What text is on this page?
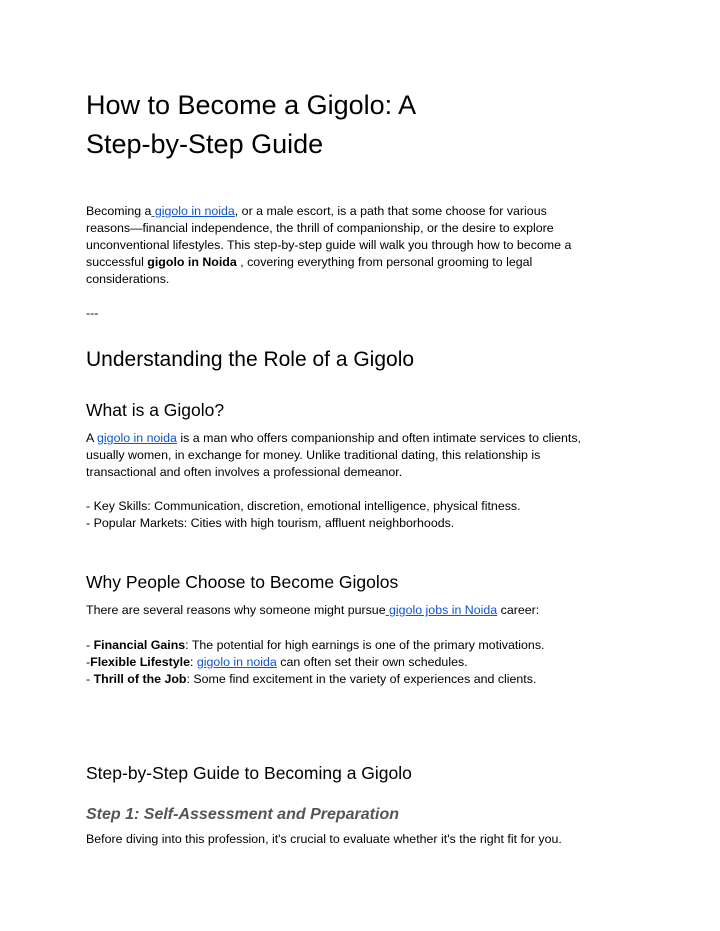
How to Become a Gigolo: A
Step-by-Step Guide
Becoming a gigolo in noida, or a male escort, is a path that some choose for various
reasons—financial independence, the thrill of companionship, or the desire to explore
unconventional lifestyles. This step-by-step guide will walk you through how to become a
successful gigolo in Noida , covering everything from personal grooming to legal
considerations.
---
Understanding the Role of a Gigolo
What is a Gigolo?
A gigolo in noida is a man who offers companionship and often intimate services to clients,
usually women, in exchange for money. Unlike traditional dating, this relationship is
transactional and often involves a professional demeanor.
- Key Skills: Communication, discretion, emotional intelligence, physical fitness.
- Popular Markets: Cities with high tourism, affluent neighborhoods.
Why People Choose to Become Gigolos
There are several reasons why someone might pursue gigolo jobs in Noida career:
- Financial Gains: The potential for high earnings is one of the primary motivations.
-Flexible Lifestyle: gigolo in noida can often set their own schedules.
- Thrill of the Job: Some find excitement in the variety of experiences and clients.
Step-by-Step Guide to Becoming a Gigolo
Step 1: Self-Assessment and Preparation
Before diving into this profession, it's crucial to evaluate whether it's the right fit for you.
